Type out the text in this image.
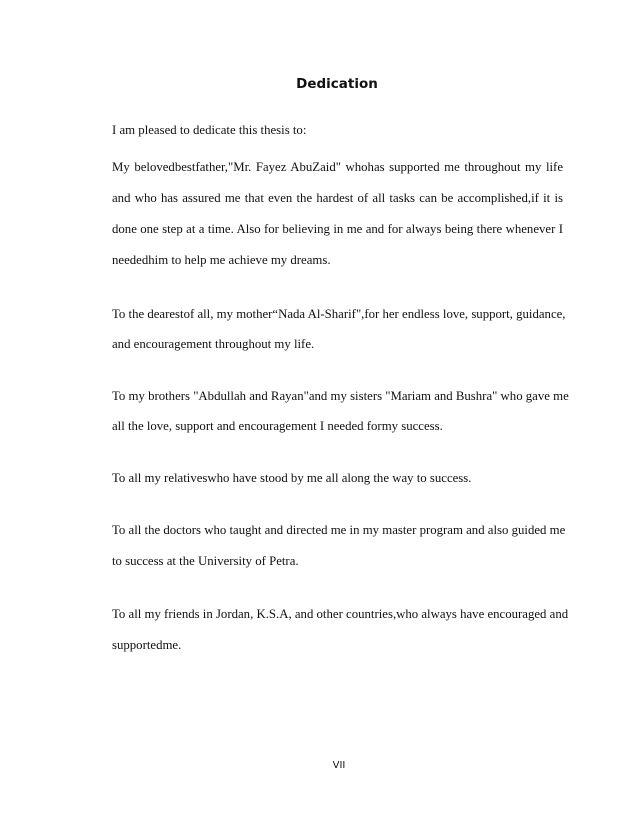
Dedication

I am pleased to dedicate this thesis to:

My belovedbestfather,"Mr. Fayez AbuZaid" whohas supported me throughout my life

and who has assured me that even the hardest of all tasks can be accomplished,if it is

done one step at a time. Also for believing in me and for always being there whenever I

neededhim to help me achieve my dreams.

To the dearestof all, my mother“Nada Al-Sharif",for her endless love, support, guidance,

and encouragement throughout my life.

To my brothers "Abdullah and Rayan"and my sisters "Mariam and Bushra" who gave me

all the love, support and encouragement I needed formy success.

To all my relativeswho have stood by me all along the way to success.

To all the doctors who taught and directed me in my master program and also guided me

to success at the University of Petra.

To all my friends in Jordan, K.S.A, and other countries,who always have encouraged and

supportedme.

VII
